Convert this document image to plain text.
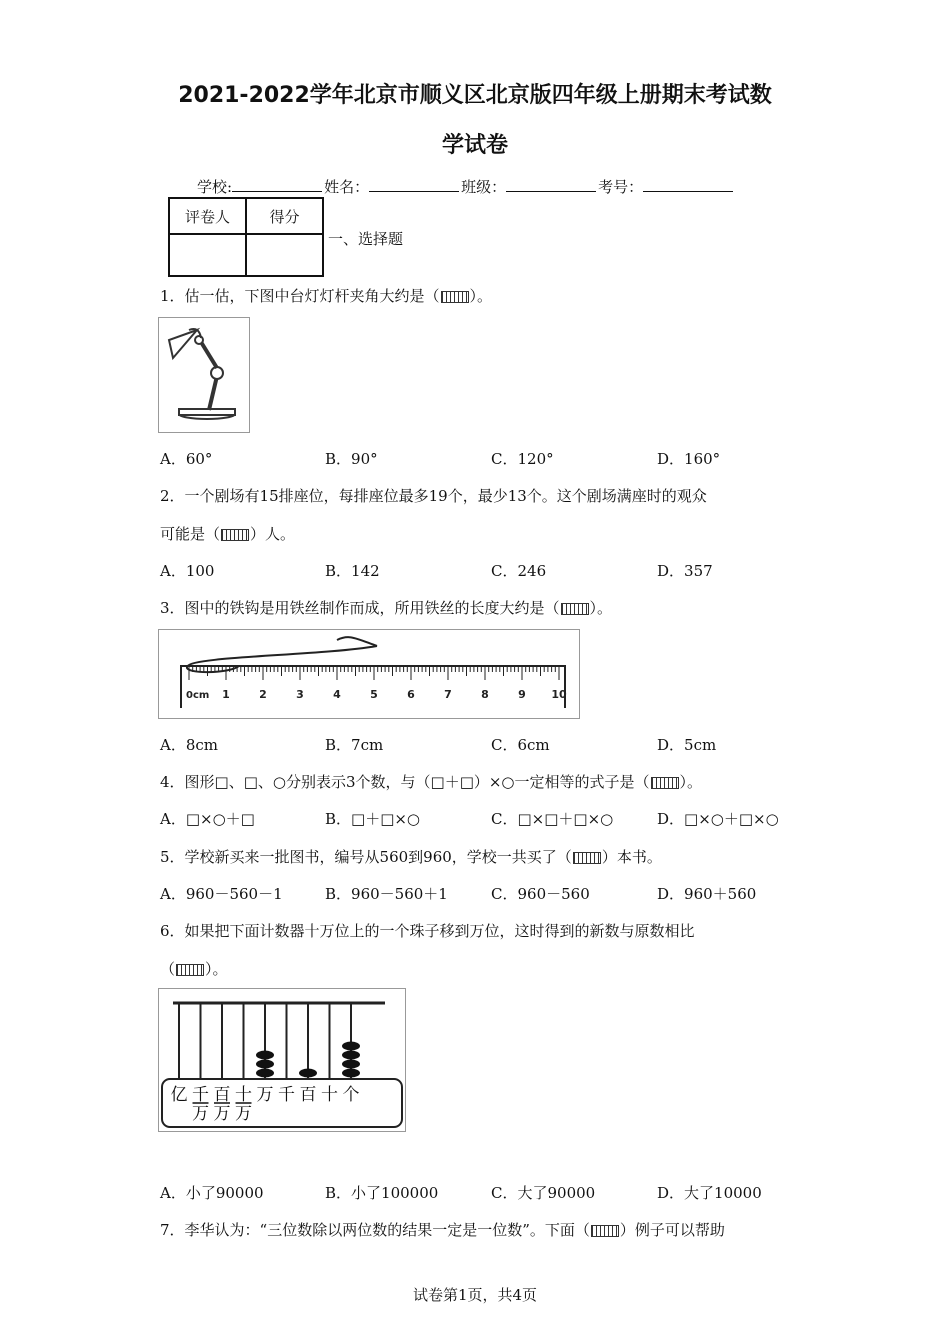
2021-2022学年北京市顺义区北京版四年级上册期末考试数
学试卷
学校:	姓名：	班级：	考号：
评卷人	得分

一、选择题
1．估一估，下图中台灯灯杆夹角大约是（ ）。
A．60°	B．90°	C．120°	D．160°
2．一个剧场有15排座位，每排座位最多19个，最少13个。这个剧场满座时的观众
可能是（ ）人。
A．100	B．142	C．246	D．357
3．图中的铁钩是用铁丝制作而成，所用铁丝的长度大约是（ ）。
0cm 1	2	3	4	5	6	7	8	9 10
A．8cm	B．7cm	C．6cm	D．5cm
4．图形□、□、○分别表示3个数，与（□＋□）×○一定相等的式子是（ ）。
A．□×○＋□	B．□＋□×○	C．□×□＋□×○	D．□×○＋□×○
5．学校新买来一批图书，编号从560到960，学校一共买了（ ）本书。
A．960－560－1	B．960－560＋1	C．960－560	D．960＋560
6．如果把下面计数器十万位上的一个珠子移到万位，这时得到的新数与原数相比
（ ）。
亿 千 百 十 万 千 百 十 个
万 万 万
A．小了90000	B．小了100000	C．大了90000	D．大了10000
7．李华认为：“三位数除以两位数的结果一定是一位数”。下面（ ）例子可以帮助
试卷第1页，共4页
